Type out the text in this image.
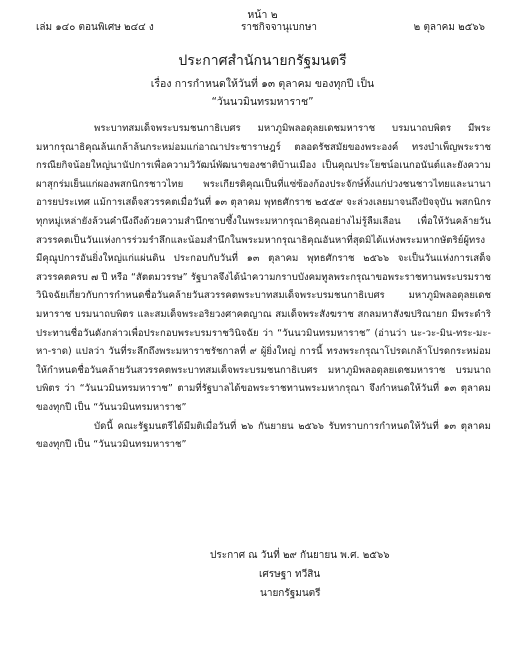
หน้า ๒
เล่ม ๑๔๐ ตอนพิเศษ ๒๔๔ ง	ราชกิจจานุเบกษา	๒ ตุลาคม ๒๕๖๖
ประกาศสำนักนายกรัฐมนตรี
เรื่อง การกำหนดให้วันที่ ๑๓ ตุลาคม ของทุกปี เป็น
“วันนวมินทรมหาราช”

พระบาทสมเด็จพระบรมชนกาธิเบศร มหาภูมิพลอดุลยเดชมหาราช บรมนาถบพิตร มีพระมหากรุณาธิคุณล้นเกล้าล้นกระหม่อมแก่อาณาประชาราษฎร์ ตลอดรัชสมัยของพระองค์ ทรงบำเพ็ญพระราชกรณียกิจน้อยใหญ่นานัปการเพื่อความวิวัฒน์พัฒนาของชาติบ้านเมือง เป็นคุณประโยชน์อเนกอนันต์และยังความผาสุกร่มเย็นแก่ผองพสกนิกรชาวไทย พระเกียรติคุณเป็นที่แซ่ซ้องก้องประจักษ์ทั้งแก่ปวงชนชาวไทยและนานาอารยประเทศ แม้การเสด็จสวรรคตเมื่อวันที่ ๑๓ ตุลาคม พุทธศักราช ๒๕๕๙ จะล่วงเลยมาจนถึงปัจจุบัน พสกนิกรทุกหมู่เหล่ายังล้วนคำนึงถึงด้วยความสำนึกซาบซึ้งในพระมหากรุณาธิคุณอย่างไม่รู้ลืมเลือน เพื่อให้วันคล้ายวันสวรรคตเป็นวันแห่งการร่วมรำลึกและน้อมสำนึกในพระมหากรุณาธิคุณอันหาที่สุดมิได้แห่งพระมหากษัตริย์ผู้ทรงมีคุณูปการอันยิ่งใหญ่แก่แผ่นดิน ประกอบกับวันที่ ๑๓ ตุลาคม พุทธศักราช ๒๕๖๖ จะเป็นวันแห่งการเสด็จสวรรคตครบ ๗ ปี หรือ “สัตตมวรรษ” รัฐบาลจึงได้นำความกราบบังคมทูลพระกรุณาขอพระราชทานพระบรมราชวินิจฉัยเกี่ยวกับการกำหนดชื่อวันคล้ายวันสวรรคตพระบาทสมเด็จพระบรมชนกาธิเบศร มหาภูมิพลอดุลยเดชมหาราช บรมนาถบพิตร และสมเด็จพระอริยวงศาคตญาณ สมเด็จพระสังฆราช สกลมหาสังฆปริณายก มีพระดำริประทานชื่อวันดังกล่าวเพื่อประกอบพระบรมราชวินิจฉัย ว่า “วันนวมินทรมหาราช” (อ่านว่า นะ-วะ-มิน-ทระ-มะ-หา-ราด) แปลว่า วันที่ระลึกถึงพระมหาราชรัชกาลที่ ๙ ผู้ยิ่งใหญ่ การนี้ ทรงพระกรุณาโปรดเกล้าโปรดกระหม่อมให้กำหนดชื่อวันคล้ายวันสวรรคตพระบาทสมเด็จพระบรมชนกาธิเบศร มหาภูมิพลอดุลยเดชมหาราช บรมนาถบพิตร ว่า “วันนวมินทรมหาราช” ตามที่รัฐบาลได้ขอพระราชทานพระมหากรุณา จึงกำหนดให้วันที่ ๑๓ ตุลาคม ของทุกปี เป็น “วันนวมินทรมหาราช”

บัดนี้ คณะรัฐมนตรีได้มีมติเมื่อวันที่ ๒๖ กันยายน ๒๕๖๖ รับทราบการกำหนดให้วันที่ ๑๓ ตุลาคม ของทุกปี เป็น “วันนวมินทรมหาราช”

ประกาศ ณ วันที่ ๒๙ กันยายน พ.ศ. ๒๕๖๖
เศรษฐา ทวีสิน
นายกรัฐมนตรี
